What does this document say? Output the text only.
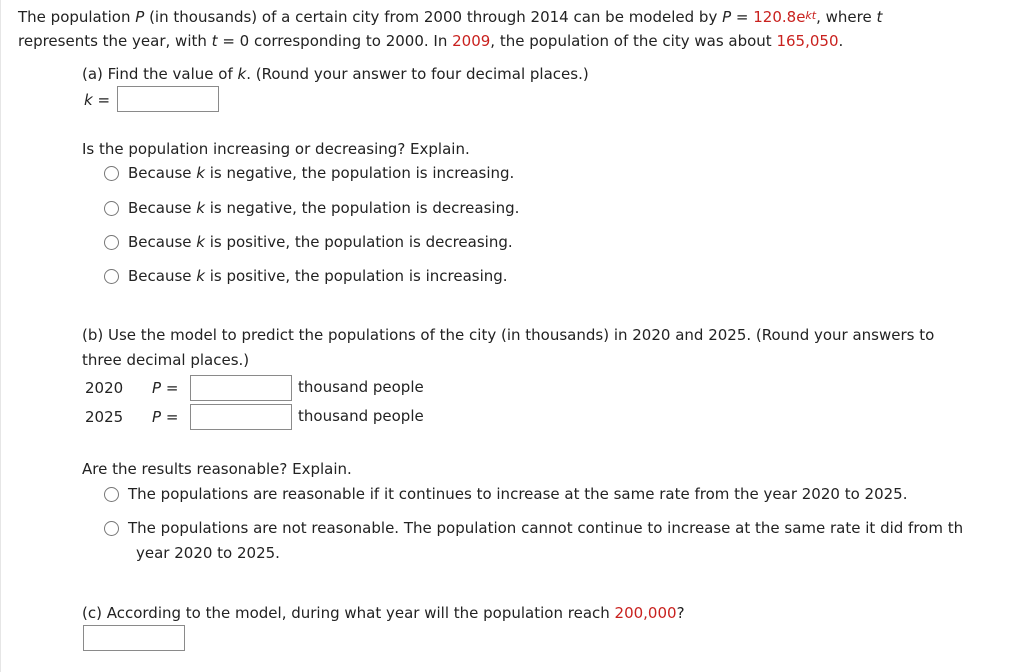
The population P (in thousands) of a certain city from 2000 through 2014 can be modeled by $P = 120.8e^{kt}$, where t
represents the year, with t = 0 corresponding to 2000. In 2009, the population of the city was about 165,050.
(a) Find the value of k. (Round your answer to four decimal places.)
k =
Is the population increasing or decreasing? Explain.
Because k is negative, the population is increasing.
Because k is negative, the population is decreasing.
Because k is positive, the population is decreasing.
Because k is positive, the population is increasing.
(b) Use the model to predict the populations of the city (in thousands) in 2020 and 2025. (Round your answers to
three decimal places.)
2020 P =	thousand people
2025 P =	thousand people
Are the results reasonable? Explain.
The populations are reasonable if it continues to increase at the same rate from the year 2020 to 2025.
The populations are not reasonable. The population cannot continue to increase at the same rate it did from th
year 2020 to 2025.
(c) According to the model, during what year will the population reach 200,000?
